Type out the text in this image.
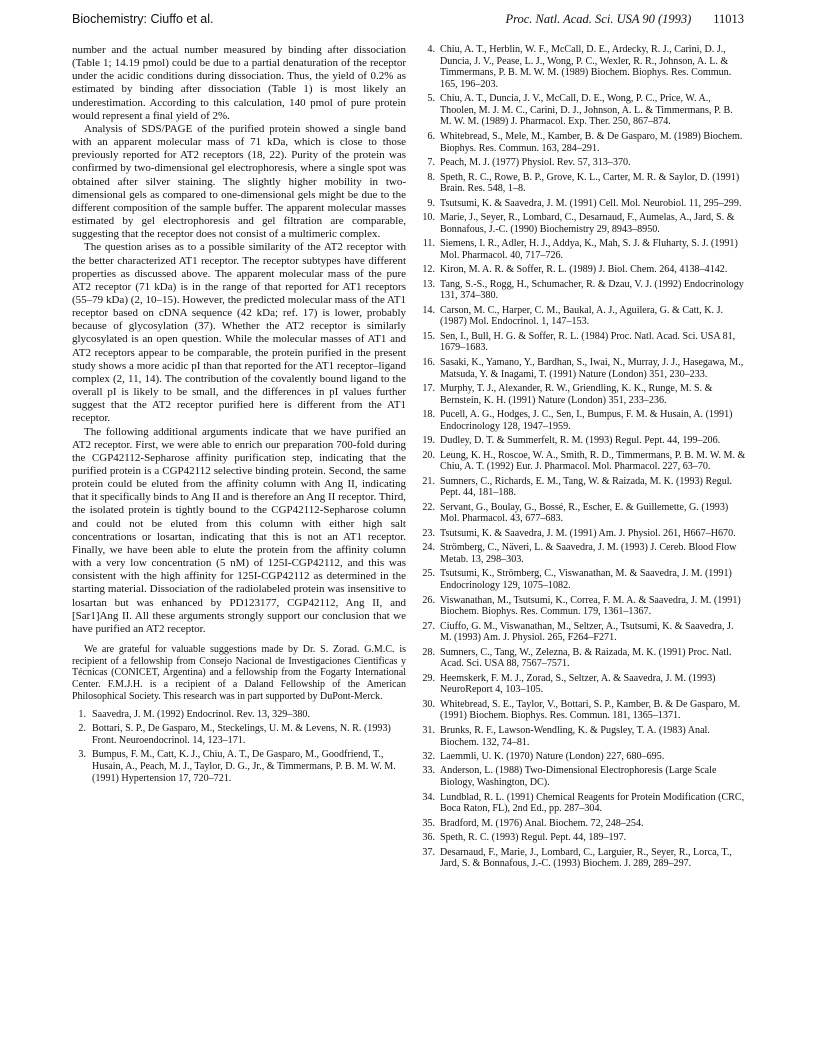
Biochemistry: Ciuffo et al.	Proc. Natl. Acad. Sci. USA 90 (1993) 11013

number and the actual number measured by binding after dissociation (Table 1; 14.19 pmol) could be due to a partial denaturation of the receptor under the acidic conditions during dissociation. Thus, the yield of 0.2% as estimated by binding after dissociation (Table 1) is most likely an underestimation. According to this calculation, 140 pmol of pure protein would represent a final yield of 2%.

Analysis of SDS/PAGE of the purified protein showed a single band with an apparent molecular mass of 71 kDa, which is close to those previously reported for AT2 receptors (18, 22). Purity of the protein was confirmed by two-dimensional gel electrophoresis, where a single spot was obtained after silver staining. The slightly higher mobility in two-dimensional gels as compared to one-dimensional gels might be due to the different composition of the sample buffer. The apparent molecular masses estimated by gel electrophoresis and gel filtration are comparable, suggesting that the receptor does not consist of a multimeric complex.

The question arises as to a possible similarity of the AT2 receptor with the better characterized AT1 receptor. The receptor subtypes have different properties as discussed above. The apparent molecular mass of the pure AT2 receptor (71 kDa) is in the range of that reported for AT1 receptors (55–79 kDa) (2, 10–15). However, the predicted molecular mass of the AT1 receptor based on cDNA sequence (42 kDa; ref. 17) is lower, probably because of glycosylation (37). Whether the AT2 receptor is similarly glycosylated is an open question. While the molecular masses of AT1 and AT2 receptors appear to be comparable, the protein purified in the present study shows a more acidic pI than that reported for the AT1 receptor–ligand complex (2, 11, 14). The contribution of the covalently bound ligand to the overall pI is likely to be small, and the differences in pI values further suggest that the AT2 receptor purified here is different from the AT1 receptor.

The following additional arguments indicate that we have purified an AT2 receptor. First, we were able to enrich our preparation 700-fold during the CGP42112-Sepharose affinity purification step, indicating that the purified protein is a CGP42112 selective binding protein. Second, the same protein could be eluted from the affinity column with Ang II, indicating that it specifically binds to Ang II and is therefore an Ang II receptor. Third, the isolated protein is tightly bound to the CGP42112-Sepharose column and could not be eluted from this column with either high salt concentrations or losartan, indicating that this is not an AT1 receptor. Finally, we have been able to elute the protein from the affinity column with a very low concentration (5 nM) of 125I-CGP42112, and this was consistent with the high affinity for 125I-CGP42112 as determined in the starting material. Dissociation of the radiolabeled protein was insensitive to losartan but was enhanced by PD123177, CGP42112, Ang II, and [Sar1]Ang II. All these arguments strongly support our conclusion that we have purified an AT2 receptor.

We are grateful for valuable suggestions made by Dr. S. Zorad. G.M.C. is recipient of a fellowship from Consejo Nacional de Investigaciones Cientificas y Técnicas (CONICET, Argentina) and a fellowship from the Fogarty International Center. F.M.J.H. is a recipient of a Daland Fellowship of the American Philosophical Society. This research was in part supported by DuPont-Merck.

1. Saavedra, J. M. (1992) Endocrinol. Rev. 13, 329–380.
2. Bottari, S. P., De Gasparo, M., Steckelings, U. M. & Levens, N. R. (1993) Front. Neuroendocrinol. 14, 123–171.
3. Bumpus, F. M., Catt, K. J., Chiu, A. T., De Gasparo, M., Goodfriend, T., Husain, A., Peach, M. J., Taylor, D. G., Jr., & Timmermans, P. B. M. W. M. (1991) Hypertension 17, 720–721.
4. Chiu, A. T., Herblin, W. F., McCall, D. E., Ardecky, R. J., Carini, D. J., Duncia, J. V., Pease, L. J., Wong, P. C., Wexler, R. R., Johnson, A. L. & Timmermans, P. B. M. W. M. (1989) Biochem. Biophys. Res. Commun. 165, 196–203.
5. Chiu, A. T., Duncia, J. V., McCall, D. E., Wong, P. C., Price, W. A., Thoolen, M. J. M. C., Carini, D. J., Johnson, A. L. & Timmermans, P. B. M. W. M. (1989) J. Pharmacol. Exp. Ther. 250, 867–874.
6. Whitebread, S., Mele, M., Kamber, B. & De Gasparo, M. (1989) Biochem. Biophys. Res. Commun. 163, 284–291.
7. Peach, M. J. (1977) Physiol. Rev. 57, 313–370.
8. Speth, R. C., Rowe, B. P., Grove, K. L., Carter, M. R. & Saylor, D. (1991) Brain. Res. 548, 1–8.
9. Tsutsumi, K. & Saavedra, J. M. (1991) Cell. Mol. Neurobiol. 11, 295–299.
10. Marie, J., Seyer, R., Lombard, C., Desarnaud, F., Aumelas, A., Jard, S. & Bonnafous, J.-C. (1990) Biochemistry 29, 8943–8950.
11. Siemens, I. R., Adler, H. J., Addya, K., Mah, S. J. & Fluharty, S. J. (1991) Mol. Pharmacol. 40, 717–726.
12. Kiron, M. A. R. & Soffer, R. L. (1989) J. Biol. Chem. 264, 4138–4142.
13. Tang, S.-S., Rogg, H., Schumacher, R. & Dzau, V. J. (1992) Endocrinology 131, 374–380.
14. Carson, M. C., Harper, C. M., Baukal, A. J., Aguilera, G. & Catt, K. J. (1987) Mol. Endocrinol. 1, 147–153.
15. Sen, I., Bull, H. G. & Soffer, R. L. (1984) Proc. Natl. Acad. Sci. USA 81, 1679–1683.
16. Sasaki, K., Yamano, Y., Bardhan, S., Iwai, N., Murray, J. J., Hasegawa, M., Matsuda, Y. & Inagami, T. (1991) Nature (London) 351, 230–233.
17. Murphy, T. J., Alexander, R. W., Griendling, K. K., Runge, M. S. & Bernstein, K. H. (1991) Nature (London) 351, 233–236.
18. Pucell, A. G., Hodges, J. C., Sen, I., Bumpus, F. M. & Husain, A. (1991) Endocrinology 128, 1947–1959.
19. Dudley, D. T. & Summerfelt, R. M. (1993) Regul. Pept. 44, 199–206.
20. Leung, K. H., Roscoe, W. A., Smith, R. D., Timmermans, P. B. M. W. M. & Chiu, A. T. (1992) Eur. J. Pharmacol. Mol. Pharmacol. 227, 63–70.
21. Sumners, C., Richards, E. M., Tang, W. & Raizada, M. K. (1993) Regul. Pept. 44, 181–188.
22. Servant, G., Boulay, G., Bossé, R., Escher, E. & Guillemette, G. (1993) Mol. Pharmacol. 43, 677–683.
23. Tsutsumi, K. & Saavedra, J. M. (1991) Am. J. Physiol. 261, H667–H670.
24. Strömberg, C., Näveri, L. & Saavedra, J. M. (1993) J. Cereb. Blood Flow Metab. 13, 298–303.
25. Tsutsumi, K., Strömberg, C., Viswanathan, M. & Saavedra, J. M. (1991) Endocrinology 129, 1075–1082.
26. Viswanathan, M., Tsutsumi, K., Correa, F. M. A. & Saavedra, J. M. (1991) Biochem. Biophys. Res. Commun. 179, 1361–1367.
27. Ciuffo, G. M., Viswanathan, M., Seltzer, A., Tsutsumi, K. & Saavedra, J. M. (1993) Am. J. Physiol. 265, F264–F271.
28. Sumners, C., Tang, W., Zelezna, B. & Raizada, M. K. (1991) Proc. Natl. Acad. Sci. USA 88, 7567–7571.
29. Heemskerk, F. M. J., Zorad, S., Seltzer, A. & Saavedra, J. M. (1993) NeuroReport 4, 103–105.
30. Whitebread, S. E., Taylor, V., Bottari, S. P., Kamber, B. & De Gasparo, M. (1991) Biochem. Biophys. Res. Commun. 181, 1365–1371.
31. Brunks, R. F., Lawson-Wendling, K. & Pugsley, T. A. (1983) Anal. Biochem. 132, 74–81.
32. Laemmli, U. K. (1970) Nature (London) 227, 680–695.
33. Anderson, L. (1988) Two-Dimensional Electrophoresis (Large Scale Biology, Washington, DC).
34. Lundblad, R. L. (1991) Chemical Reagents for Protein Modification (CRC, Boca Raton, FL), 2nd Ed., pp. 287–304.
35. Bradford, M. (1976) Anal. Biochem. 72, 248–254.
36. Speth, R. C. (1993) Regul. Pept. 44, 189–197.
37. Desarnaud, F., Marie, J., Lombard, C., Larguier, R., Seyer, R., Lorca, T., Jard, S. & Bonnafous, J.-C. (1993) Biochem. J. 289, 289–297.
